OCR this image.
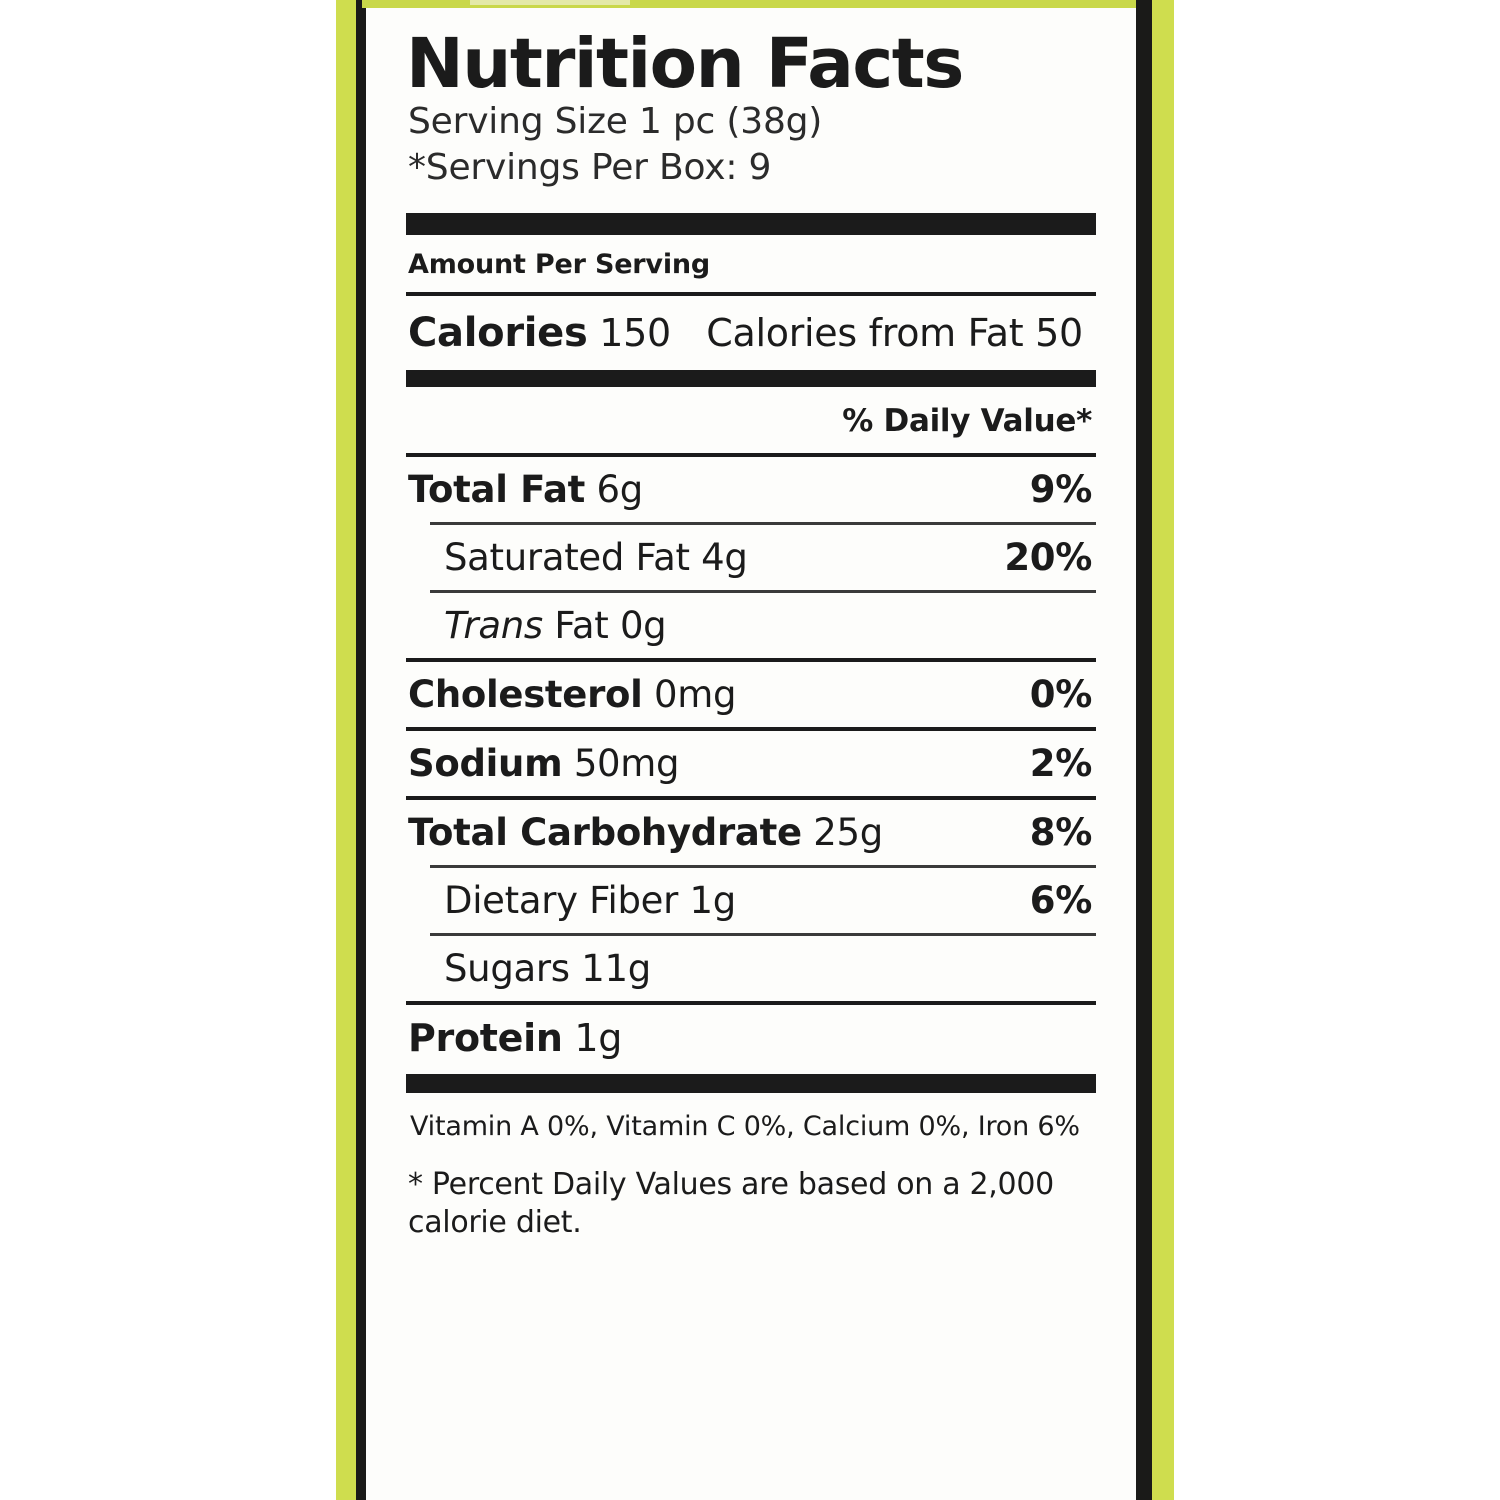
Nutrition Facts
Serving Size 1 pc (38g)
*Servings Per Box: 9
Amount Per Serving
Calories 150 Calories from Fat 50
% Daily Value*
Total Fat 6g	9%
Saturated Fat 4g	20%
Trans Fat 0g
Cholesterol 0mg	0%
Sodium 50mg	2%
Total Carbohydrate 25g	8%
Dietary Fiber 1g	6%
Sugars 11g
Protein 1g
Vitamin A 0%, Vitamin C 0%, Calcium 0%, Iron 6%
* Percent Daily Values are based on a 2,000 calorie diet.
